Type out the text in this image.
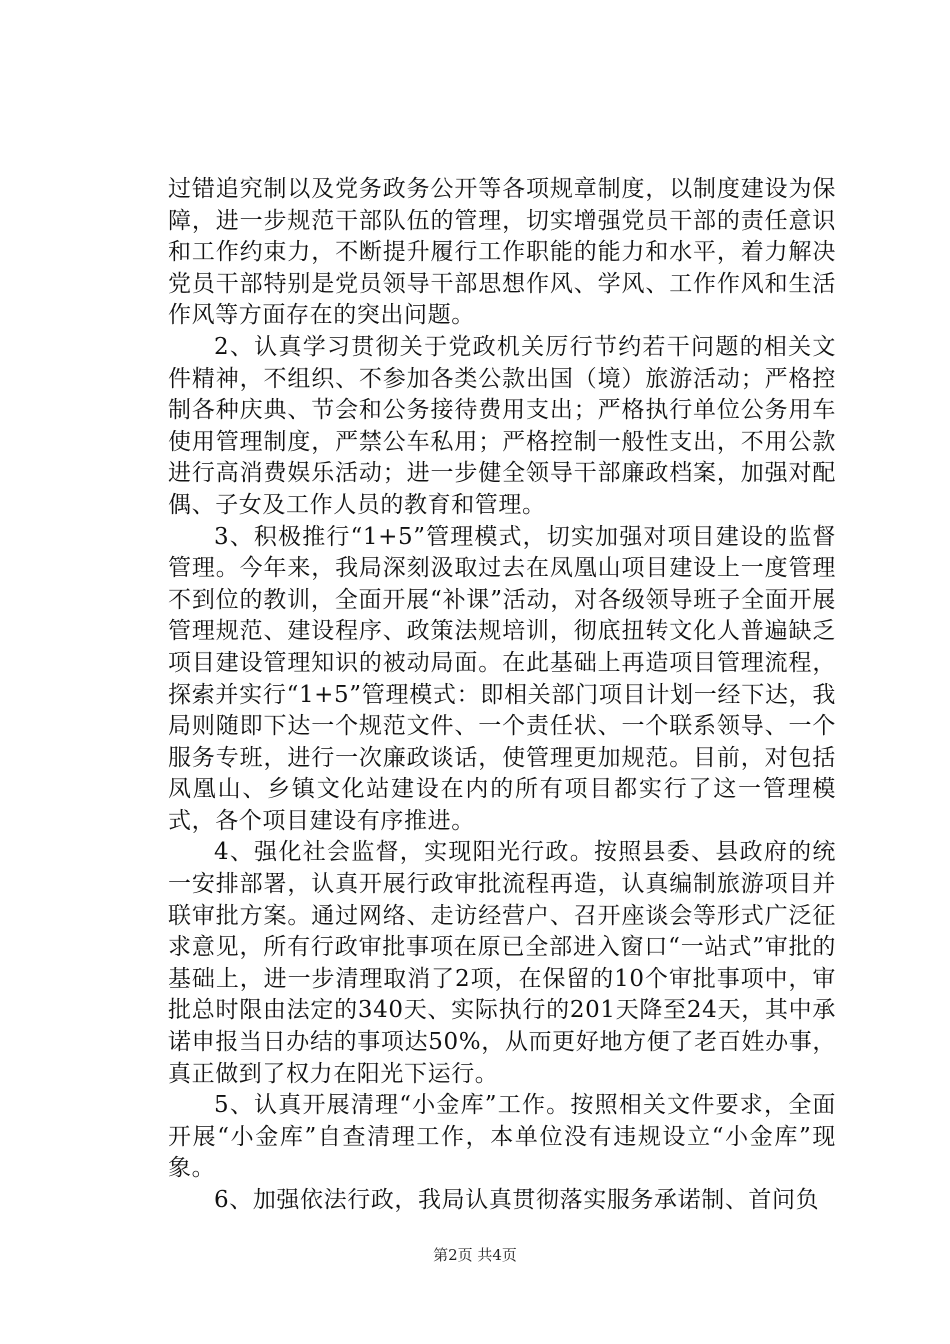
过错追究制以及党务政务公开等各项规章制度，以制度建设为保障，进一步规范干部队伍的管理，切实增强党员干部的责任意识和工作约束力，不断提升履行工作职能的能力和水平，着力解决党员干部特别是党员领导干部思想作风、学风、工作作风和生活作风等方面存在的突出问题。

2、认真学习贯彻关于党政机关厉行节约若干问题的相关文件精神，不组织、不参加各类公款出国（境）旅游活动；严格控制各种庆典、节会和公务接待费用支出；严格执行单位公务用车使用管理制度，严禁公车私用；严格控制一般性支出，不用公款进行高消费娱乐活动；进一步健全领导干部廉政档案，加强对配偶、子女及工作人员的教育和管理。

3、积极推行“1+5”管理模式，切实加强对项目建设的监督管理。今年来，我局深刻汲取过去在凤凰山项目建设上一度管理不到位的教训，全面开展“补课”活动，对各级领导班子全面开展管理规范、建设程序、政策法规培训，彻底扭转文化人普遍缺乏项目建设管理知识的被动局面。在此基础上再造项目管理流程，探索并实行“1+5”管理模式：即相关部门项目计划一经下达，我局则随即下达一个规范文件、一个责任状、一个联系领导、一个服务专班，进行一次廉政谈话，使管理更加规范。目前，对包括凤凰山、乡镇文化站建设在内的所有项目都实行了这一管理模式，各个项目建设有序推进。

4、强化社会监督，实现阳光行政。按照县委、县政府的统一安排部署，认真开展行政审批流程再造，认真编制旅游项目并联审批方案。通过网络、走访经营户、召开座谈会等形式广泛征求意见，所有行政审批事项在原已全部进入窗口“一站式”审批的基础上，进一步清理取消了2项，在保留的10个审批事项中，审批总时限由法定的340天、实际执行的201天降至24天，其中承诺申报当日办结的事项达50%，从而更好地方便了老百姓办事，真正做到了权力在阳光下运行。

5、认真开展清理“小金库”工作。按照相关文件要求，全面开展“小金库”自查清理工作，本单位没有违规设立“小金库”现象。

6、加强依法行政，我局认真贯彻落实服务承诺制、首问负

第2页 共4页
